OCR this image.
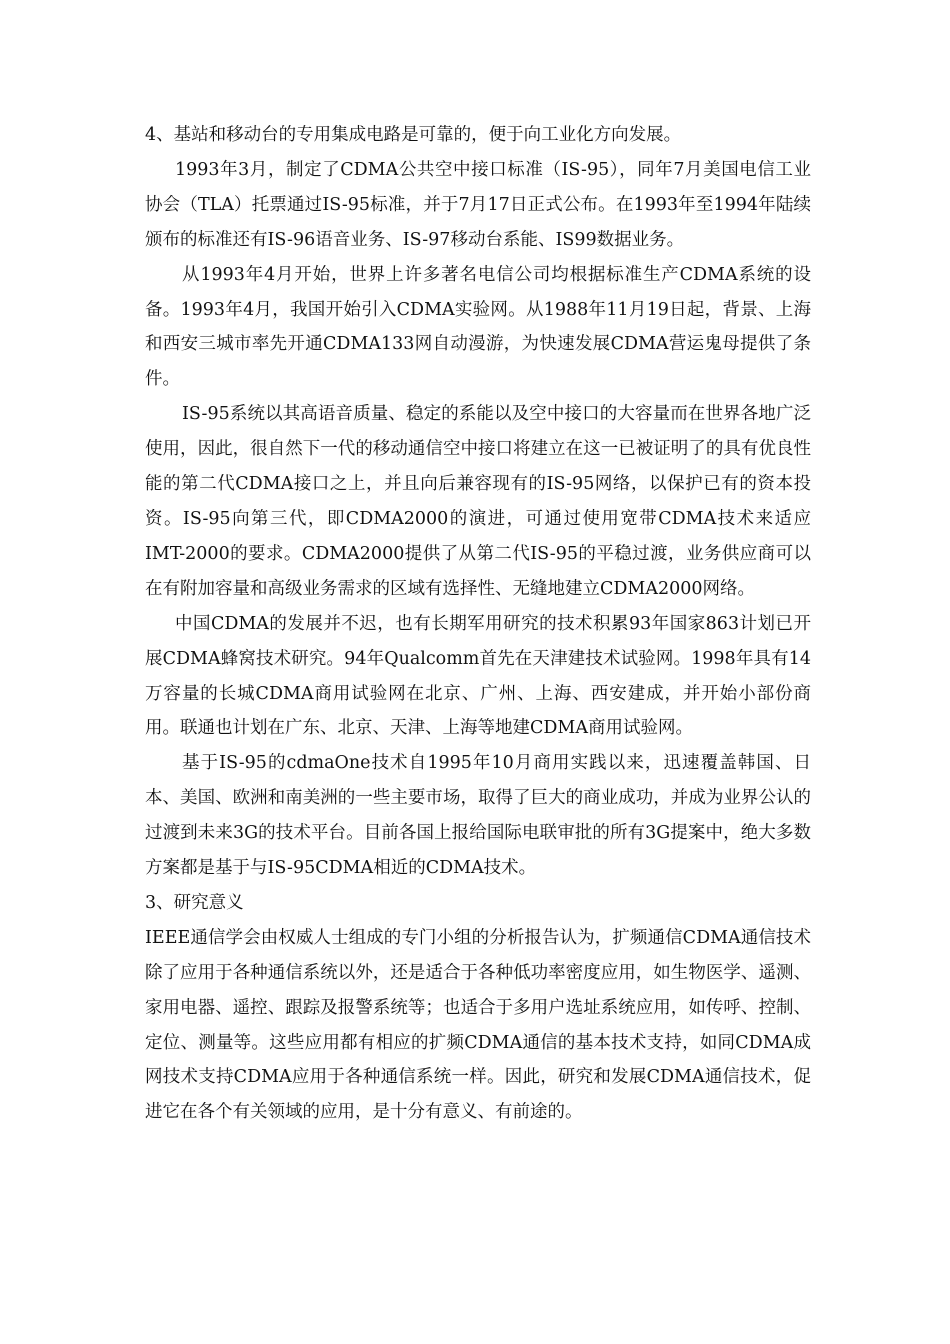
4、基站和移动台的专用集成电路是可靠的，便于向工业化方向发展。

1993年3月，制定了CDMA公共空中接口标准（IS-95），同年7月美国电信工业协会（TLA）托票通过IS-95标准，并于7月17日正式公布。在1993年至1994年陆续颁布的标准还有IS-96语音业务、IS-97移动台系能、IS99数据业务。

从1993年4月开始，世界上许多著名电信公司均根据标准生产CDMA系统的设备。1993年4月，我国开始引入CDMA实验网。从1988年11月19日起，背景、上海和西安三城市率先开通CDMA133网自动漫游，为快速发展CDMA营运鬼母提供了条件。

IS-95系统以其高语音质量、稳定的系能以及空中接口的大容量而在世界各地广泛使用，因此，很自然下一代的移动通信空中接口将建立在这一已被证明了的具有优良性能的第二代CDMA接口之上，并且向后兼容现有的IS-95网络，以保护已有的资本投资。IS-95向第三代，即CDMA2000的演进，可通过使用宽带CDMA技术来适应IMT-2000的要求。CDMA2000提供了从第二代IS-95的平稳过渡，业务供应商可以在有附加容量和高级业务需求的区域有选择性、无缝地建立CDMA2000网络。

中国CDMA的发展并不迟，也有长期军用研究的技术积累93年国家863计划已开展CDMA蜂窝技术研究。94年Qualcomm首先在天津建技术试验网。1998年具有14万容量的长城CDMA商用试验网在北京、广州、上海、西安建成，并开始小部份商用。联通也计划在广东、北京、天津、上海等地建CDMA商用试验网。

基于IS-95的cdmaOne技术自1995年10月商用实践以来，迅速覆盖韩国、日本、美国、欧洲和南美洲的一些主要市场，取得了巨大的商业成功，并成为业界公认的过渡到未来3G的技术平台。目前各国上报给国际电联审批的所有3G提案中，绝大多数方案都是基于与IS-95CDMA相近的CDMA技术。

3、研究意义

IEEE通信学会由权威人士组成的专门小组的分析报告认为，扩频通信CDMA通信技术除了应用于各种通信系统以外，还是适合于各种低功率密度应用，如生物医学、遥测、家用电器、遥控、跟踪及报警系统等；也适合于多用户选址系统应用，如传呼、控制、定位、测量等。这些应用都有相应的扩频CDMA通信的基本技术支持，如同CDMA成网技术支持CDMA应用于各种通信系统一样。因此，研究和发展CDMA通信技术，促进它在各个有关领域的应用，是十分有意义、有前途的。
